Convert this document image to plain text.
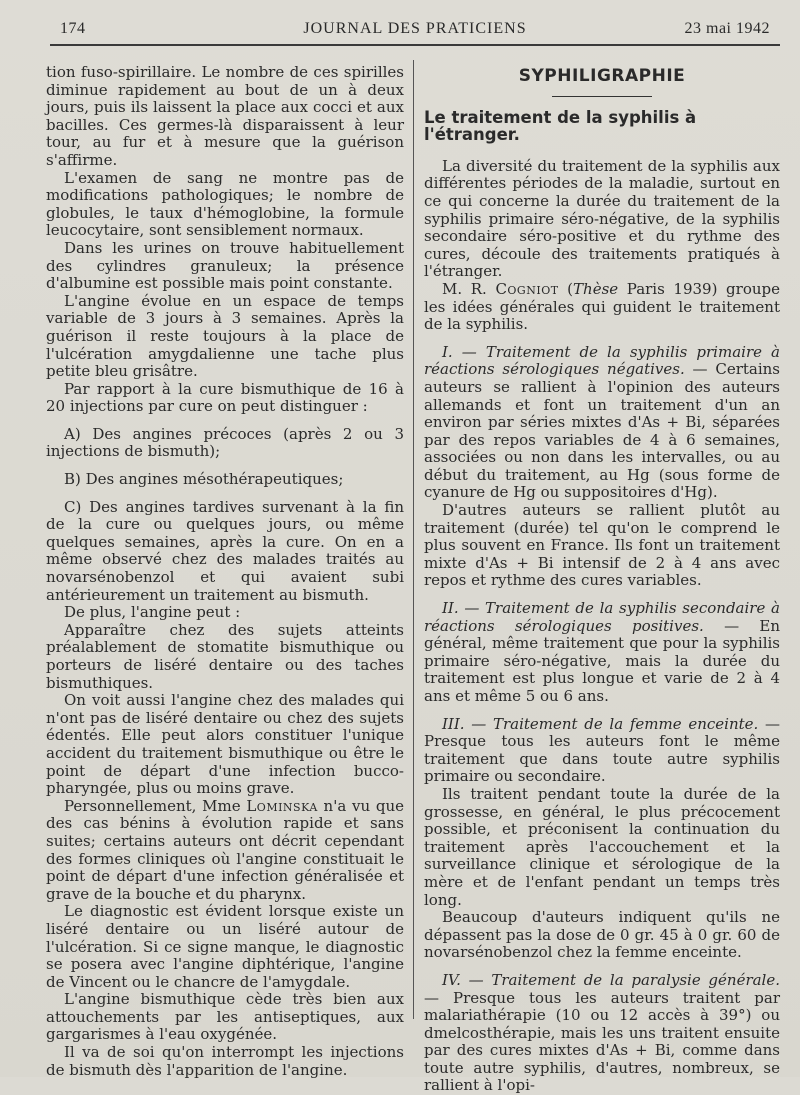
174	JOURNAL DES PRATICIENS	23 mai 1942

tion fuso-spirillaire. Le nombre de ces spirilles diminue rapidement au bout de un à deux jours, puis ils laissent la place aux cocci et aux bacilles. Ces germes-là disparaissent à leur tour, au fur et à mesure que la guérison s'affirme.

L'examen de sang ne montre pas de modifications pathologiques; le nombre de globules, le taux d'hémoglobine, la formule leucocytaire, sont sensiblement normaux.

Dans les urines on trouve habituellement des cylindres granuleux; la présence d'albumine est possible mais point constante.

L'angine évolue en un espace de temps variable de 3 jours à 3 semaines. Après la guérison il reste toujours à la place de l'ulcération amygdalienne une tache plus petite bleu grisâtre.

Par rapport à la cure bismuthique de 16 à 20 injections par cure on peut distinguer :

A) Des angines précoces (après 2 ou 3 injections de bismuth);

B) Des angines mésothérapeutiques;

C) Des angines tardives survenant à la fin de la cure ou quelques jours, ou même quelques semaines, après la cure. On en a même observé chez des malades traités au novarsénobenzol et qui avaient subi antérieurement un traitement au bismuth.

De plus, l'angine peut :

Apparaître chez des sujets atteints préalablement de stomatite bismuthique ou porteurs de liséré dentaire ou des taches bismuthiques.

On voit aussi l'angine chez des malades qui n'ont pas de liséré dentaire ou chez des sujets édentés. Elle peut alors constituer l'unique accident du traitement bismuthique ou être le point de départ d'une infection bucco-pharyngée, plus ou moins grave.

Personnellement, Mme Lominska n'a vu que des cas bénins à évolution rapide et sans suites; certains auteurs ont décrit cependant des formes cliniques où l'angine constituait le point de départ d'une infection généralisée et grave de la bouche et du pharynx.

Le diagnostic est évident lorsque existe un liséré dentaire ou un liséré autour de l'ulcération. Si ce signe manque, le diagnostic se posera avec l'angine diphtérique, l'angine de Vincent ou le chancre de l'amygdale.

L'angine bismuthique cède très bien aux attouchements par les antiseptiques, aux gargarismes à l'eau oxygénée.

Il va de soi qu'on interrompt les injections de bismuth dès l'apparition de l'angine.

SYPHILIGRAPHIE
Le traitement de la syphilis à l'étranger.

La diversité du traitement de la syphilis aux différentes périodes de la maladie, surtout en ce qui concerne la durée du traitement de la syphilis primaire séro-négative, de la syphilis secondaire séro-positive et du rythme des cures, découle des traitements pratiqués à l'étranger.

M. R. Cogniot (Thèse Paris 1939) groupe les idées générales qui guident le traitement de la syphilis.

I. — Traitement de la syphilis primaire à réactions sérologiques négatives. — Certains auteurs se rallient à l'opinion des auteurs allemands et font un traitement d'un an environ par séries mixtes d'As + Bi, séparées par des repos variables de 4 à 6 semaines, associées ou non dans les intervalles, ou au début du traitement, au Hg (sous forme de cyanure de Hg ou suppositoires d'Hg).

D'autres auteurs se rallient plutôt au traitement (durée) tel qu'on le comprend le plus souvent en France. Ils font un traitement mixte d'As + Bi intensif de 2 à 4 ans avec repos et rythme des cures variables.

II. — Traitement de la syphilis secondaire à réactions sérologiques positives. — En général, même traitement que pour la syphilis primaire séro-négative, mais la durée du traitement est plus longue et varie de 2 à 4 ans et même 5 ou 6 ans.

III. — Traitement de la femme enceinte. — Presque tous les auteurs font le même traitement que dans toute autre syphilis primaire ou secondaire.

Ils traitent pendant toute la durée de la grossesse, en général, le plus précocement possible, et préconisent la continuation du traitement après l'accouchement et la surveillance clinique et sérologique de la mère et de l'enfant pendant un temps très long.

Beaucoup d'auteurs indiquent qu'ils ne dépassent pas la dose de 0 gr. 45 à 0 gr. 60 de novarsénobenzol chez la femme enceinte.

IV. — Traitement de la paralysie générale. — Presque tous les auteurs traitent par malariathérapie (10 ou 12 accès à 39°) ou dmelcosthérapie, mais les uns traitent ensuite par des cures mixtes d'As + Bi, comme dans toute autre syphilis, d'autres, nombreux, se rallient à l'opi-
